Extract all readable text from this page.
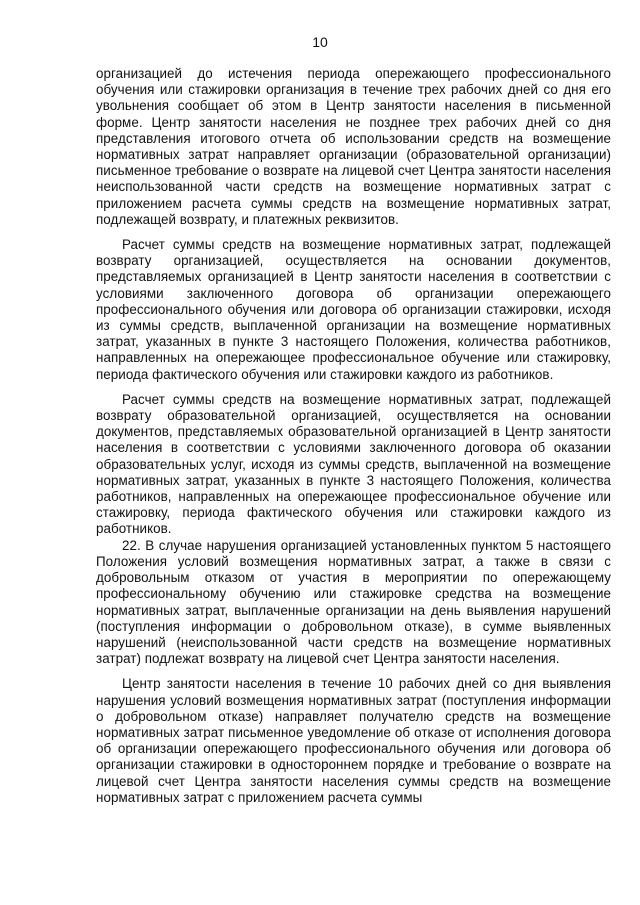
10

организацией до истечения периода опережающего профессионального обучения или стажировки организация в течение трех рабочих дней со дня его увольнения сообщает об этом в Центр занятости населения в письменной форме. Центр занятости населения не позднее трех рабочих дней со дня представления итогового отчета об использовании средств на возмещение нормативных затрат направляет организации (образовательной организации) письменное требование о возврате на лицевой счет Центра занятости населения неиспользованной части средств на возмещение нормативных затрат с приложением расчета суммы средств на возмещение нормативных затрат, подлежащей возврату, и платежных реквизитов.

Расчет суммы средств на возмещение нормативных затрат, подлежащей возврату организацией, осуществляется на основании документов, представляемых организацией в Центр занятости населения в соответствии с условиями заключенного договора об организации опережающего профессионального обучения или договора об организации стажировки, исходя из суммы средств, выплаченной организации на возмещение нормативных затрат, указанных в пункте 3 настоящего Положения, количества работников, направленных на опережающее профессиональное обучение или стажировку, периода фактического обучения или стажировки каждого из работников.

Расчет суммы средств на возмещение нормативных затрат, подлежащей возврату образовательной организацией, осуществляется на основании документов, представляемых образовательной организацией в Центр занятости населения в соответствии с условиями заключенного договора об оказании образовательных услуг, исходя из суммы средств, выплаченной на возмещение нормативных затрат, указанных в пункте 3 настоящего Положения, количества работников, направленных на опережающее профессиональное обучение или стажировку, периода фактического обучения или стажировки каждого из работников.

22. В случае нарушения организацией установленных пунктом 5 настоящего Положения условий возмещения нормативных затрат, а также в связи с добровольным отказом от участия в мероприятии по опережающему профессиональному обучению или стажировке средства на возмещение нормативных затрат, выплаченные организации на день выявления нарушений (поступления информации о добровольном отказе), в сумме выявленных нарушений (неиспользованной части средств на возмещение нормативных затрат) подлежат возврату на лицевой счет Центра занятости населения.

Центр занятости населения в течение 10 рабочих дней со дня выявления нарушения условий возмещения нормативных затрат (поступления информации о добровольном отказе) направляет получателю средств на возмещение нормативных затрат письменное уведомление об отказе от исполнения договора об организации опережающего профессионального обучения или договора об организации стажировки в одностороннем порядке и требование о возврате на лицевой счет Центра занятости населения суммы средств на возмещение нормативных затрат с приложением расчета суммы
